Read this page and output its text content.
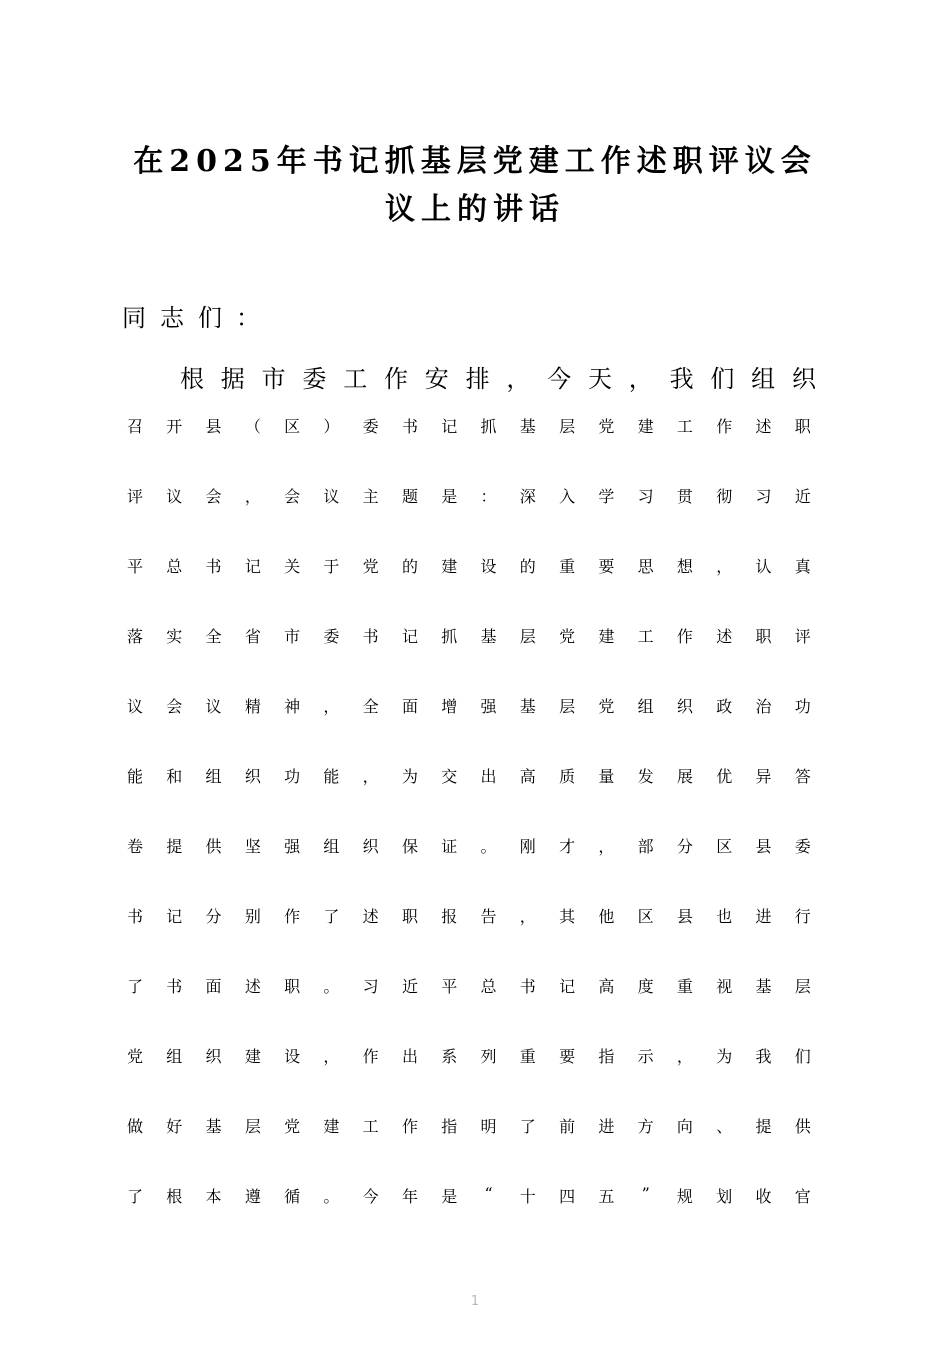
在2025年书记抓基层党建工作述职评议会
议上的讲话
同志们：
根 据 市 委 工 作 安 排 ， 今 天 ， 我 们 组 织
召	开	县	（	区	）	委	书	记	抓	基	层	党	建	工	作	述	职
评	议	会	，	会	议	主	题	是	：	深	入	学	习	贯	彻	习	近
平	总	书	记	关	于	党	的	建	设	的	重	要	思	想	，	认	真
落	实	全	省	市	委	书	记	抓	基	层	党	建	工	作	述	职	评
议	会	议	精	神	，	全	面	增	强	基	层	党	组	织	政	治	功
能	和	组	织	功	能	，	为	交	出	高	质	量	发	展	优	异	答
卷	提	供	坚	强	组	织	保	证	。	刚	才	，	部	分	区	县	委
书	记	分	别	作	了	述	职	报	告	，	其	他	区	县	也	进	行
了	书	面	述	职	。	习	近	平	总	书	记	高	度	重	视	基	层
党	组	织	建	设	，	作	出	系	列	重	要	指	示	，	为	我	们
做	好	基	层	党	建	工	作	指	明	了	前	进	方	向	、	提	供
了	根	本	遵	循	。	今	年	是	“	十	四	五	”	规	划	收	官
1
